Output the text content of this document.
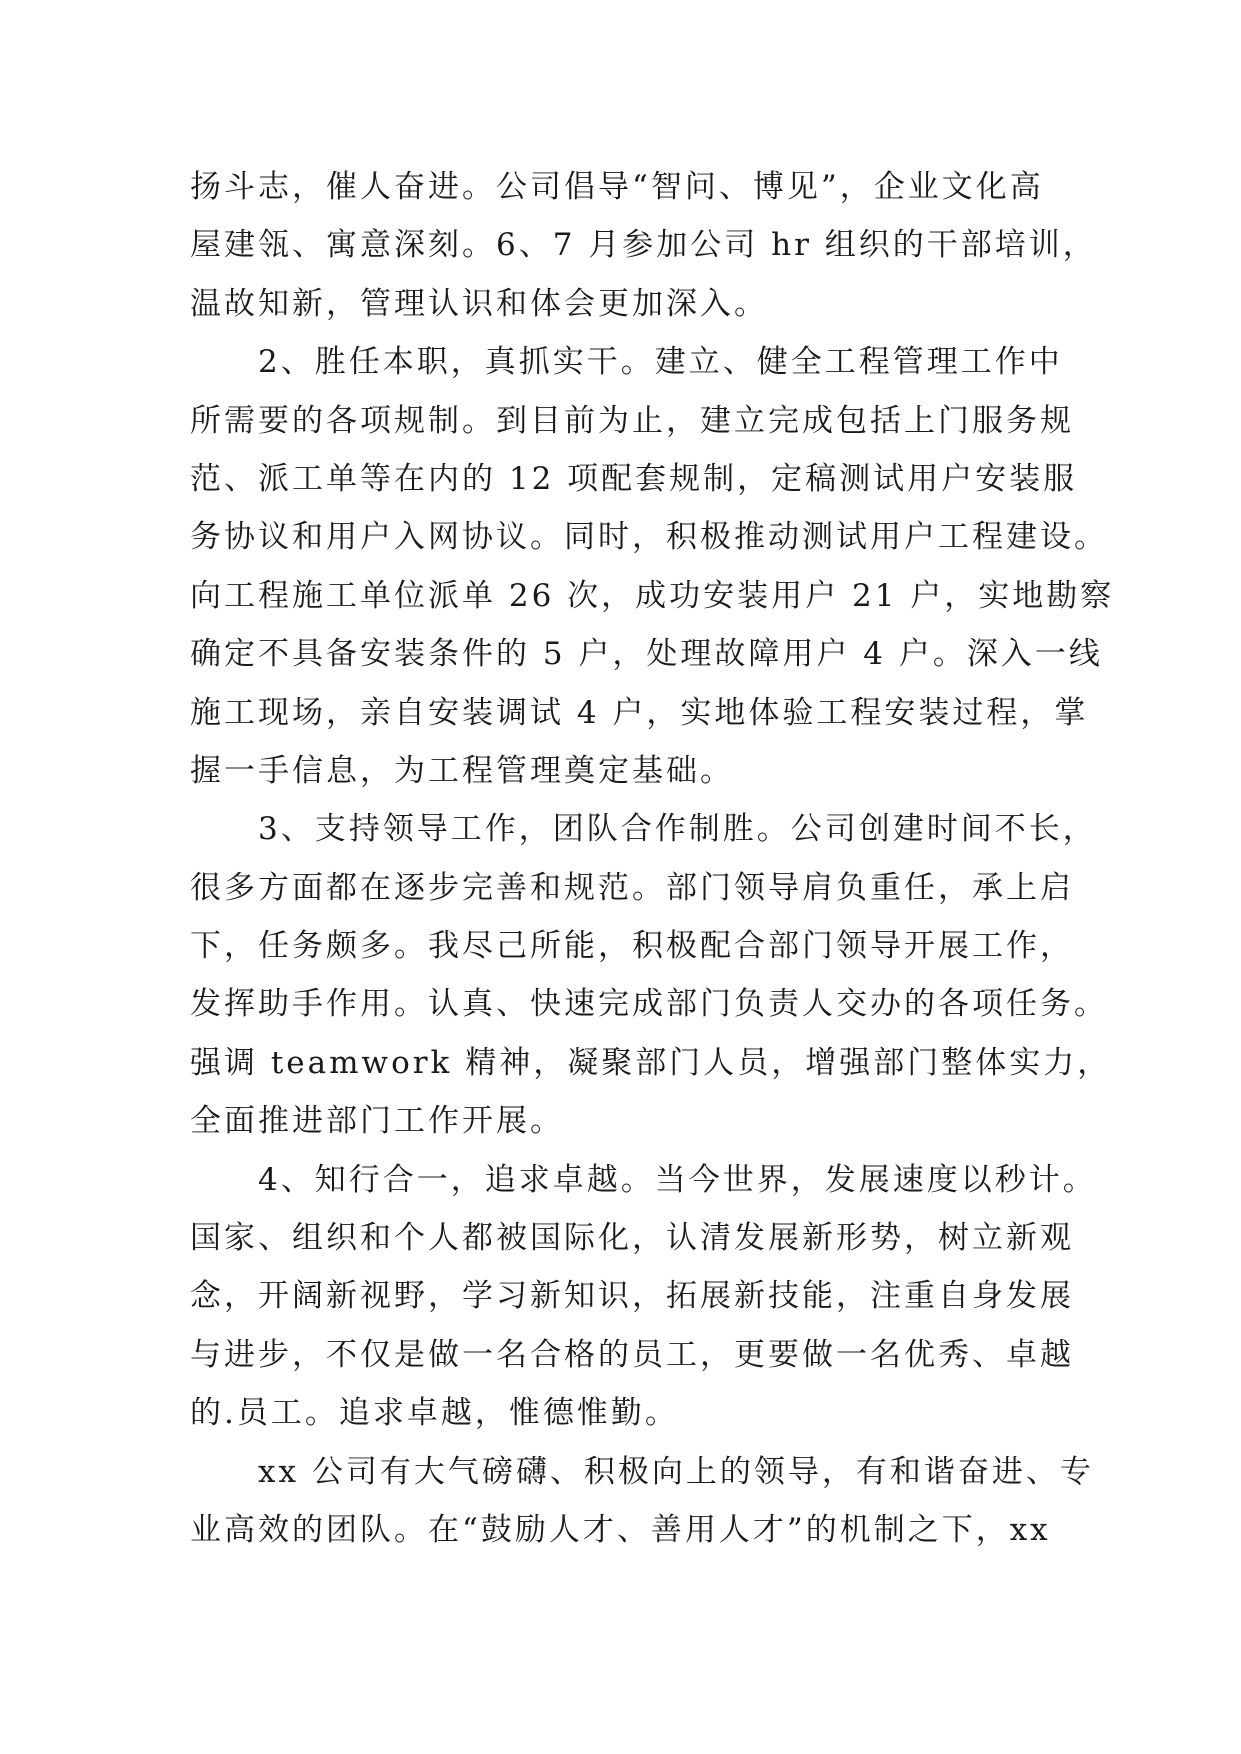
扬斗志，催人奋进。公司倡导“智问、博见”，企业文化高
屋建瓴、寓意深刻。6、7 月参加公司 hr 组织的干部培训，
温故知新，管理认识和体会更加深入。
　　2、胜任本职，真抓实干。建立、健全工程管理工作中
所需要的各项规制。到目前为止，建立完成包括上门服务规
范、派工单等在内的 12 项配套规制，定稿测试用户安装服
务协议和用户入网协议。同时，积极推动测试用户工程建设。
向工程施工单位派单 26 次，成功安装用户 21 户，实地勘察
确定不具备安装条件的 5 户，处理故障用户 4 户。深入一线
施工现场，亲自安装调试 4 户，实地体验工程安装过程，掌
握一手信息，为工程管理奠定基础。
　　3、支持领导工作，团队合作制胜。公司创建时间不长，
很多方面都在逐步完善和规范。部门领导肩负重任，承上启
下，任务颇多。我尽己所能，积极配合部门领导开展工作，
发挥助手作用。认真、快速完成部门负责人交办的各项任务。
强调 teamwork 精神，凝聚部门人员，增强部门整体实力，
全面推进部门工作开展。
　　4、知行合一，追求卓越。当今世界，发展速度以秒计。
国家、组织和个人都被国际化，认清发展新形势，树立新观
念，开阔新视野，学习新知识，拓展新技能，注重自身发展
与进步，不仅是做一名合格的员工，更要做一名优秀、卓越
的.员工。追求卓越，惟德惟勤。
　　xx 公司有大气磅礴、积极向上的领导，有和谐奋进、专
业高效的团队。在“鼓励人才、善用人才”的机制之下，xx
